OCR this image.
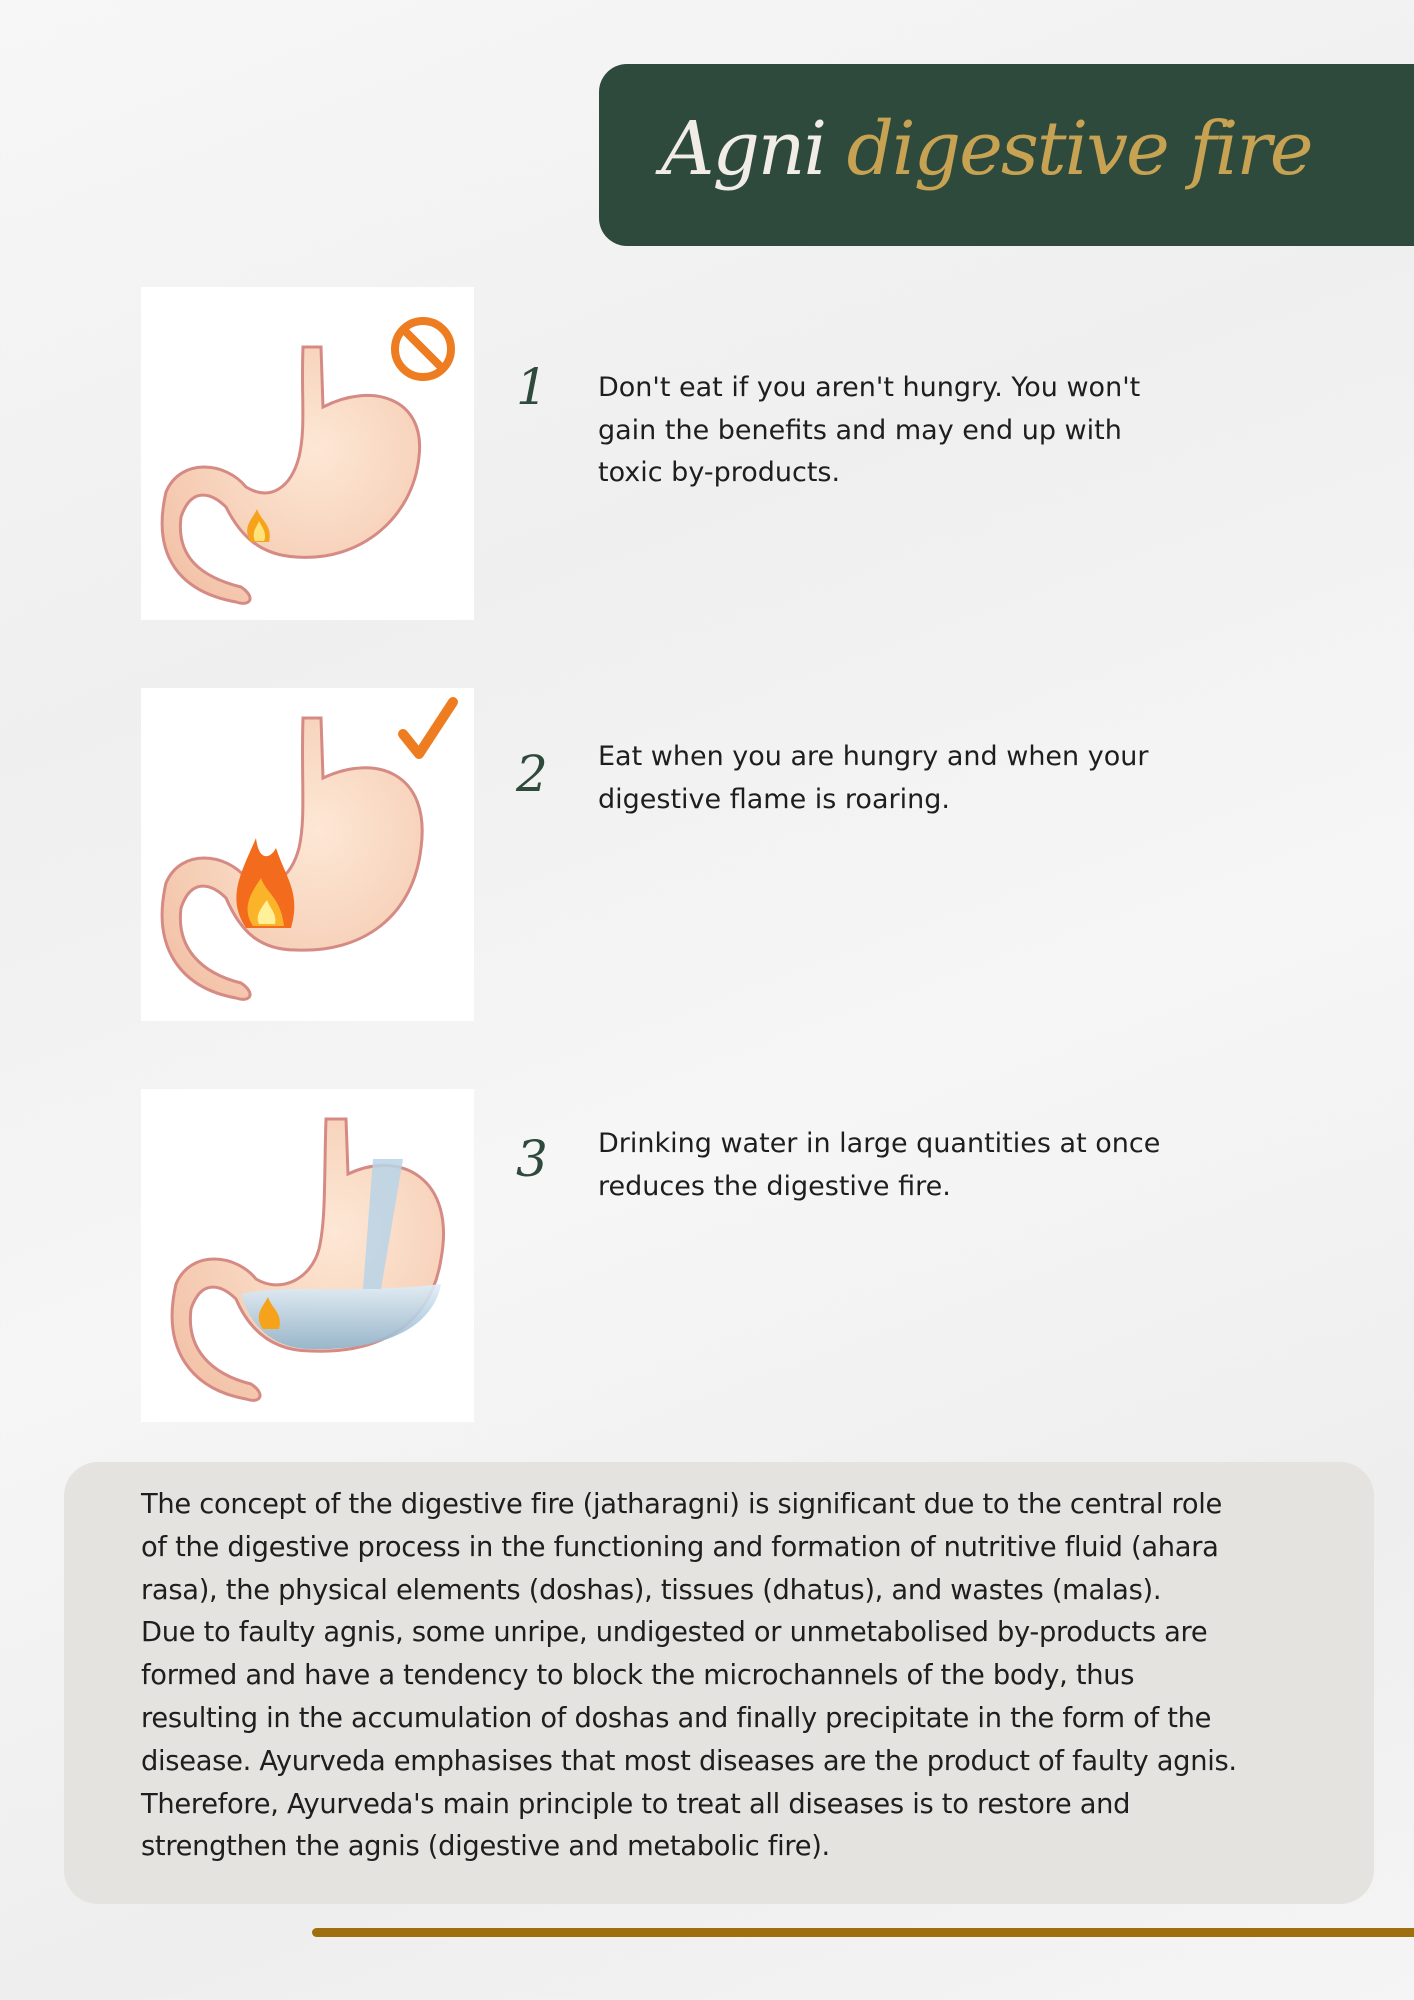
Agni digestive fire
1 Don't eat if you aren't hungry. You won't
gain the benefits and may end up with
toxic by-products.
2 Eat when you are hungry and when your
digestive flame is roaring.
3 Drinking water in large quantities at once
reduces the digestive fire.

The concept of the digestive fire (jatharagni) is significant due to the central role
of the digestive process in the functioning and formation of nutritive fluid (ahara
rasa), the physical elements (doshas), tissues (dhatus), and wastes (malas).
Due to faulty agnis, some unripe, undigested or unmetabolised by-products are
formed and have a tendency to block the microchannels of the body, thus
resulting in the accumulation of doshas and finally precipitate in the form of the
disease. Ayurveda emphasises that most diseases are the product of faulty agnis.
Therefore, Ayurveda's main principle to treat all diseases is to restore and
strengthen the agnis (digestive and metabolic fire).
